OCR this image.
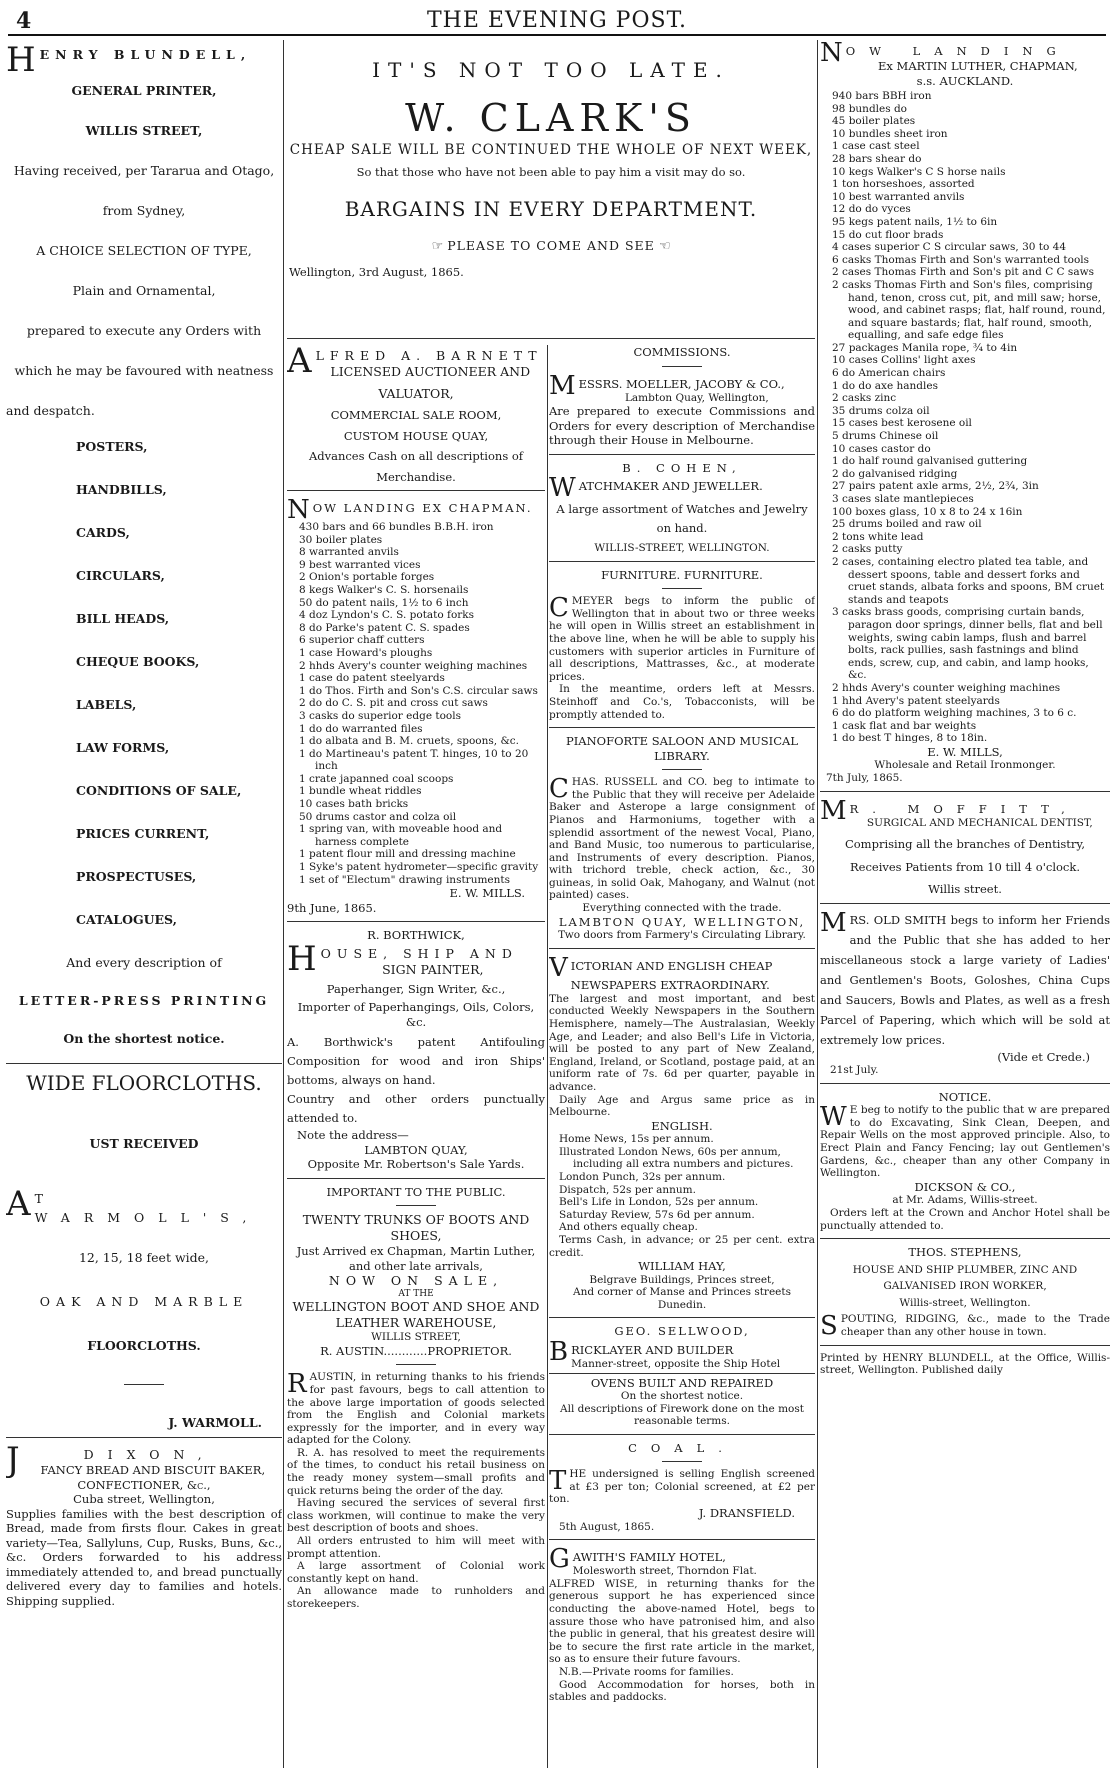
4	THE EVENING POST.
HENRY BLUNDELL,
GENERAL PRINTER,
WILLIS STREET,
Having received, per Tararua and Otago,
from Sydney,
A CHOICE SELECTION OF TYPE,
Plain and Ornamental,
prepared to execute any Orders with
which he may be favoured with neatness
and despatch.
POSTERS,
HANDBILLS,
CARDS,
CIRCULARS,
BILL HEADS,
CHEQUE BOOKS,
LABELS,
LAW FORMS,
CONDITIONS OF SALE,
PRICES CURRENT,
PROSPECTUSES,
CATALOGUES,
And every description of
LETTER-PRESS PRINTING
On the shortest notice.
WIDE FLOORCLOTHS.
UST RECEIVED
A T WARMOLL'S,
12, 15, 18 feet wide,
OAK AND MARBLE
FLOORCLOTHS.
J. WARMOLL.
J	DIXON,
FANCY BREAD AND BISCUIT BAKER,
CONFECTIONER, &c.,
Cuba street, Wellington,
Supplies families with the best description of Bread, made from firsts flour. Cakes in great variety—Tea, Sallyluns, Cup, Rusks, Buns, &c., &c. Orders forwarded to his address immediately attended to, and bread punctually delivered every day to families and hotels. Shipping supplied.
IT'S NOT TOO LATE.
W. CLARK'S
CHEAP SALE WILL BE CONTINUED THE WHOLE OF NEXT WEEK,
So that those who have not been able to pay him a visit may do so.
BARGAINS IN EVERY DEPARTMENT.
☞ PLEASE TO COME AND SEE ☞
Wellington, 3rd August, 1865.
ALFRED A. BARNETT
LICENSED AUCTIONEER AND
VALUATOR,
COMMERCIAL SALE ROOM,
CUSTOM HOUSE QUAY,
Advances Cash on all descriptions of
Merchandise.
NOW LANDING EX CHAPMAN.
430 bars and 66 bundles B.B.H. iron
30 boiler plates
8 warranted anvils
9 best warranted vices
2 Onion's portable forges
8 kegs Walker's C. S. horsenails
50 do patent nails, 1½ to 6 inch
4 doz Lyndon's C. S. potato forks
8 do Parke's patent C. S. spades
6 superior chaff cutters
1 case Howard's ploughs
2 hhds Avery's counter weighing machines
1 case do patent steelyards
1 do Thos. Firth and Son's C.S. circular saws
2 do do C. S. pit and cross cut saws
3 casks do superior edge tools
1 do do warranted files
1 do albata and B. M. cruets, spoons, &c.
1 do Martineau's patent T. hinges, 10 to 20 inch
1 crate japanned coal scoops
1 bundle wheat riddles
10 cases bath bricks
50 drums castor and colza oil
1 spring van, with moveable hood and harness complete
1 patent flour mill and dressing machine
1 Syke's patent hydrometer—specific gravity
1 set of "Electum" drawing instruments
E. W. MILLS.
9th June, 1865.
R. BORTHWICK,
HOUSE, SHIP AND
SIGN PAINTER,
Paperhanger, Sign Writer, &c.,
Importer of Paperhangings, Oils, Colors, &c.
A. Borthwick's patent Antifouling Composition for wood and iron Ships' bottoms, always on hand.
Country and other orders punctually attended to.
Note the address—
LAMBTON QUAY,
Opposite Mr. Robertson's Sale Yards.
IMPORTANT TO THE PUBLIC.
TWENTY TRUNKS OF BOOTS AND SHOES,
Just Arrived ex Chapman, Martin Luther, and other late arrivals,
NOW ON SALE,
AT THE
WELLINGTON BOOT AND SHOE AND LEATHER WAREHOUSE,
WILLIS STREET,
R. AUSTIN............PROPRIETOR.
RAUSTIN, in returning thanks to his friends for past favours, begs to call attention to the above large importation of goods selected from the English and Colonial markets expressly for the importer, and in every way adapted for the Colony.
R. A. has resolved to meet the requirements of the times, to conduct his retail business on the ready money system—small profits and quick returns being the order of the day.
Having secured the services of several first class workmen, will continue to make the very best description of boots and shoes.
All orders entrusted to him will meet with prompt attention.
A large assortment of Colonial work constantly kept on hand.
An allowance made to runholders and storekeepers.
COMMISSIONS.
MESSRS. MOELLER, JACOBY & CO.,
Lambton Quay, Wellington,
Are prepared to execute Commissions and Orders for every description of Merchandise through their House in Melbourne.
B. COHEN,
WATCHMAKER AND JEWELLER.
A large assortment of Watches and Jewelry on hand.
WILLIS-STREET, WELLINGTON.
FURNITURE. FURNITURE.
CMEYER begs to inform the public of Wellington that in about two or three weeks he will open in Willis street an establishment in the above line, when he will be able to supply his customers with superior articles in Furniture of all descriptions, Mattrasses, &c., at moderate prices.
In the meantime, orders left at Messrs. Steinhoff and Co.'s, Tobacconists, will be promptly attended to.
PIANOFORTE SALOON AND MUSICAL LIBRARY.
CHAS. RUSSELL and CO. beg to intimate to the Public that they will receive per Adelaide Baker and Asterope a large consignment of Pianos and Harmoniums, together with a splendid assortment of the newest Vocal, Piano, and Band Music, too numerous to particularise, and Instruments of every description. Pianos, with trichord treble, check action, &c., 30 guineas, in solid Oak, Mahogany, and Walnut (not painted) cases.
Everything connected with the trade.
LAMBTON QUAY, WELLINGTON,
Two doors from Farmery's Circulating Library.
VICTORIAN AND ENGLISH CHEAP NEWSPAPERS EXTRAORDINARY.
The largest and most important, and best conducted Weekly Newspapers in the Southern Hemisphere, namely—The Australasian, Weekly Age, and Leader; and also Bell's Life in Victoria, will be posted to any part of New Zealand, England, Ireland, or Scotland, postage paid, at an uniform rate of 7s. 6d per quarter, payable in advance.
Daily Age and Argus same price as in Melbourne.
ENGLISH.
Home News, 15s per annum.
Illustrated London News, 60s per annum, including all extra numbers and pictures.
London Punch, 32s per annum.
Dispatch, 52s per annum.
Bell's Life in London, 52s per annum.
Saturday Review, 57s 6d per annum.
And others equally cheap.
Terms Cash, in advance; or 25 per cent. extra credit.
WILLIAM HAY,
Belgrave Buildings, Princes street,
And corner of Manse and Princes streets Dunedin.
GEO. SELLWOOD,
BRICKLAYER AND BUILDER
Manner-street, opposite the Ship Hotel
OVENS BUILT AND REPAIRED
On the shortest notice.
All descriptions of Firework done on the most reasonable terms.
COAL.
THE undersigned is selling English screened at £3 per ton; Colonial screened, at £2 per ton.
J. DRANSFIELD.
5th August, 1865.
GAWITH'S FAMILY HOTEL,
Molesworth street, Thorndon Flat.
ALFRED WISE, in returning thanks for the generous support he has experienced since conducting the above-named Hotel, begs to assure those who have patronised him, and also the public in general, that his greatest desire will be to secure the first rate article in the market, so as to ensure their future favours.
N.B.—Private rooms for families.
Good Accommodation for horses, both in stables and paddocks.
NOW LANDING
Ex MARTIN LUTHER, CHAPMAN,
s.s. AUCKLAND.
940 bars BBH iron
98 bundles do
45 boiler plates
10 bundles sheet iron
1 case cast steel
28 bars shear do
10 kegs Walker's C S horse nails
1 ton horseshoes, assorted
10 best warranted anvils
12 do do vyces
95 kegs patent nails, 1½ to 6in
15 do cut floor brads
4 cases superior C S circular saws, 30 to 44
6 casks Thomas Firth and Son's warranted tools
2 cases Thomas Firth and Son's pit and C C saws
2 casks Thomas Firth and Son's files, comprising hand, tenon, cross cut, pit, and mill saw; horse, wood, and cabinet rasps; flat, half round, round, and square bastards; flat, half round, smooth, equalling, and safe edge files
27 packages Manila rope, ¾ to 4in
10 cases Collins' light axes
6 do American chairs
1 do do axe handles
2 casks zinc
35 drums colza oil
15 cases best kerosene oil
5 drums Chinese oil
10 cases castor do
1 do half round galvanised guttering
2 do galvanised ridging
27 pairs patent axle arms, 2½, 2¾, 3in
3 cases slate mantlepieces
100 boxes glass, 10 x 8 to 24 x 16in
25 drums boiled and raw oil
2 tons white lead
2 casks putty
2 cases, containing electro plated tea table, and dessert spoons, table and dessert forks and cruet stands, albata forks and spoons, BM cruet stands and teapots
3 casks brass goods, comprising curtain bands, paragon door springs, dinner bells, flat and bell weights, swing cabin lamps, flush and barrel bolts, rack pullies, sash fastnings and blind ends, screw, cup, and cabin, and lamp hooks, &c.
2 hhds Avery's counter weighing machines
1 hhd Avery's patent steelyards
6 do do platform weighing machines, 3 to 6 c.
1 cask flat and bar weights
1 do best T hinges, 8 to 18in.
E. W. MILLS,
Wholesale and Retail Ironmonger.
7th July, 1865.
M R. MOFFITT,
SURGICAL AND MECHANICAL DENTIST,
Comprising all the branches of Dentistry,
Receives Patients from 10 till 4 o'clock.
Willis street.
MRS. OLD SMITH begs to inform her Friends and the Public that she has added to her miscellaneous stock a large variety of Ladies' and Gentlemen's Boots, Goloshes, China Cups and Saucers, Bowls and Plates, as well as a fresh Parcel of Papering, which which will be sold at extremely low prices.
(Vide et Crede.)
21st July.
NOTICE.
W E beg to notify to the public that w are prepared to do Excavating, Sink Clean, Deepen, and Repair Wells on the most approved principle. Also, to Erect Plain and Fancy Fencing; lay out Gentlemen's Gardens, &c., cheaper than any other Company in Wellington.
DICKSON & CO.,
at Mr. Adams, Willis-street.
Orders left at the Crown and Anchor Hotel shall be punctually attended to.
THOS. STEPHENS,
HOUSE AND SHIP PLUMBER, ZINC AND
GALVANISED IRON WORKER,
Willis-street, Wellington.
SPOUTING, RIDGING, &c., made to the Trade cheaper than any other house in town.
Printed by HENRY BLUNDELL, at the Office, Willis-street, Wellington. Published daily
